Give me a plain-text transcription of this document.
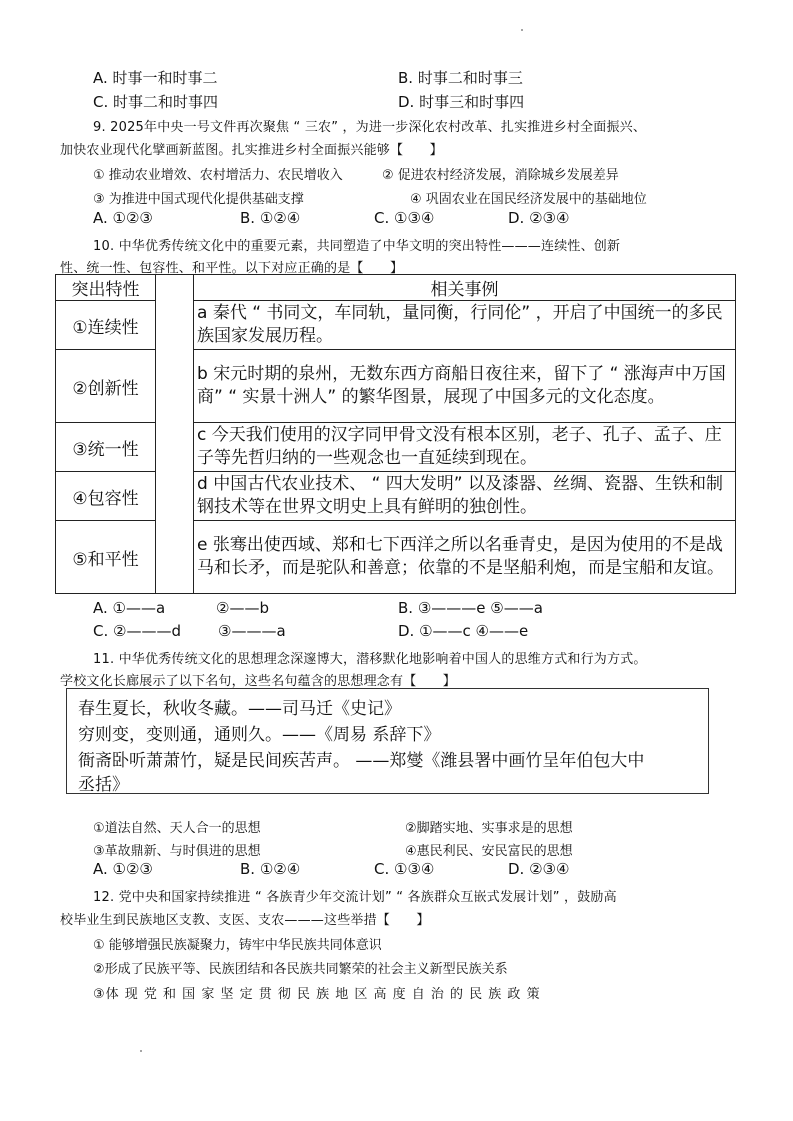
A. 时事一和时事二	B. 时事二和时事三
C. 时事二和时事四	D. 时事三和时事四
9. 2025年中央一号文件再次聚焦 “ 三农” ，为进一步深化农村改革、扎实推进乡村全面振兴、
加快农业现代化擘画新蓝图。扎实推进乡村全面振兴能够【　　】
① 推动农业增效、农村增活力、农民增收入	② 促进农村经济发展，消除城乡发展差异
③ 为推进中国式现代化提供基础支撑	④ 巩固农业在国民经济发展中的基础地位
A. ①②③	B. ①②④	C. ①③④	D. ②③④
10. 中华优秀传统文化中的重要元素，共同塑造了中华文明的突出特性———连续性、创新
性、统一性、包容性、和平性。以下对应正确的是【　　】
突出特性		相关事例
①连续性		a 秦代 “ 书同文，车同轨，量同衡，行同伦” ，开启了中国统一的多民族国家发展历程。
②创新性		b 宋元时期的泉州，无数东西方商船日夜往来，留下了 “ 涨海声中万国商” “ 实景十洲人” 的繁华图景，展现了中国多元的文化态度。
③统一性		c 今天我们使用的汉字同甲骨文没有根本区别，老子、孔子、孟子、庄子等先哲归纳的一些观念也一直延续到现在。
④包容性		d 中国古代农业技术、 “ 四大发明” 以及漆器、丝绸、瓷器、生铁和制钢技术等在世界文明史上具有鲜明的独创性。
⑤和平性		e 张骞出使西域、郑和七下西洋之所以名垂青史，是因为使用的不是战马和长矛，而是驼队和善意；依靠的不是坚船利炮，而是宝船和友谊。
A. ①——a	②——b	B. ③———e ⑤——a
C. ②———d ③———a	D. ①——c ④——e
11. 中华优秀传统文化的思想理念深邃博大，潜移默化地影响着中国人的思维方式和行为方式。
学校文化长廊展示了以下名句，这些名句蕴含的思想理念有【　　】
春生夏长，秋收冬藏。——司马迁《史记》
穷则变，变则通，通则久。——《周易 系辞下》
衙斋卧听萧萧竹，疑是民间疾苦声。 ——郑燮《潍县署中画竹呈年伯包大中
丞括》
①道法自然、天人合一的思想	②脚踏实地、实事求是的思想
③革故鼎新、与时俱进的思想	④惠民利民、安民富民的思想
A. ①②③	B. ①②④	C. ①③④	D. ②③④
12. 党中央和国家持续推进 “ 各族青少年交流计划” “ 各族群众互嵌式发展计划” ，鼓励高
校毕业生到民族地区支教、支医、支农———这些举措【　　】
① 能够增强民族凝聚力，铸牢中华民族共同体意识
②形成了民族平等、民族团结和各民族共同繁荣的社会主义新型民族关系
③体 现 党 和 国 家 坚 定 贯 彻 民 族 地 区 高 度 自 治 的 民 族 政 策
